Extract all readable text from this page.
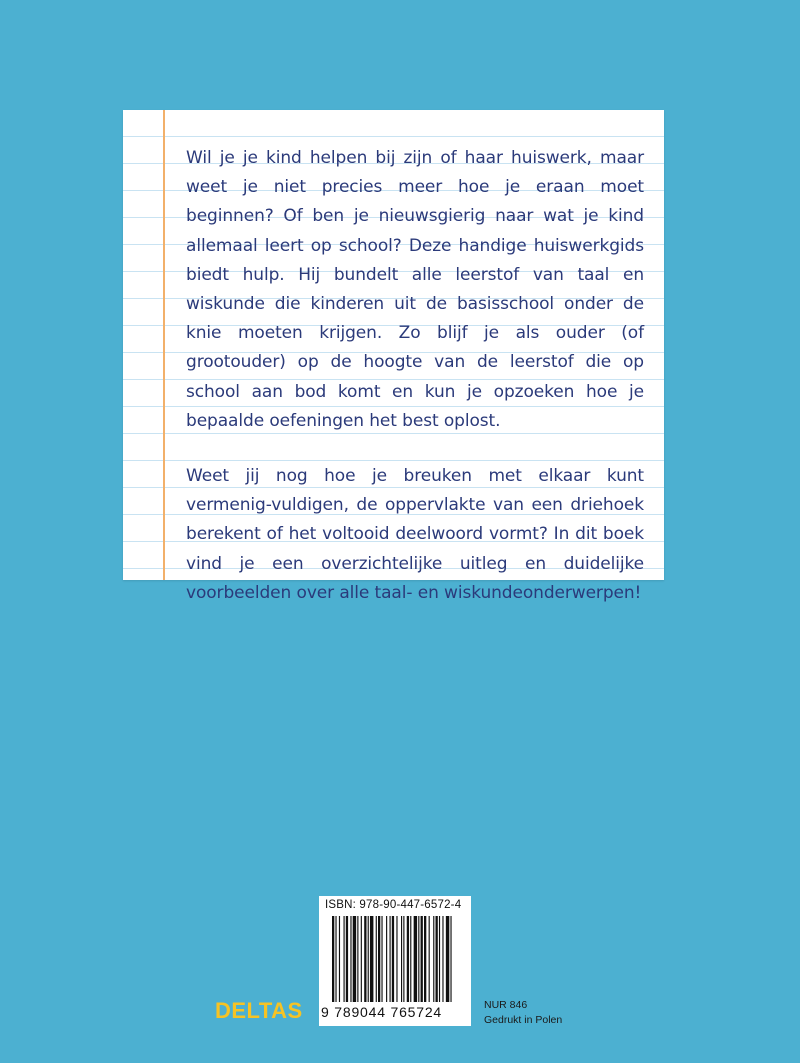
Wil je je kind helpen bij zijn of haar huiswerk, maar weet je niet precies meer hoe je eraan moet beginnen? Of ben je nieuwsgierig naar wat je kind allemaal leert op school? Deze handige huiswerkgids biedt hulp. Hij bundelt alle leerstof van taal en wiskunde die kinderen uit de basisschool onder de knie moeten krijgen. Zo blijf je als ouder (of grootouder) op de hoogte van de leerstof die op school aan bod komt en kun je opzoeken hoe je bepaalde oefeningen het best oplost.

Weet jij nog hoe je breuken met elkaar kunt vermenig-vuldigen, de oppervlakte van een driehoek berekent of het voltooid deelwoord vormt? In dit boek vind je een overzichtelijke uitleg en duidelijke voorbeelden over alle taal- en wiskundeonderwerpen!

ISBN: 978-90-447-6572-4
9 789044 765724
DELTAS	NUR 846
Gedrukt in Polen
